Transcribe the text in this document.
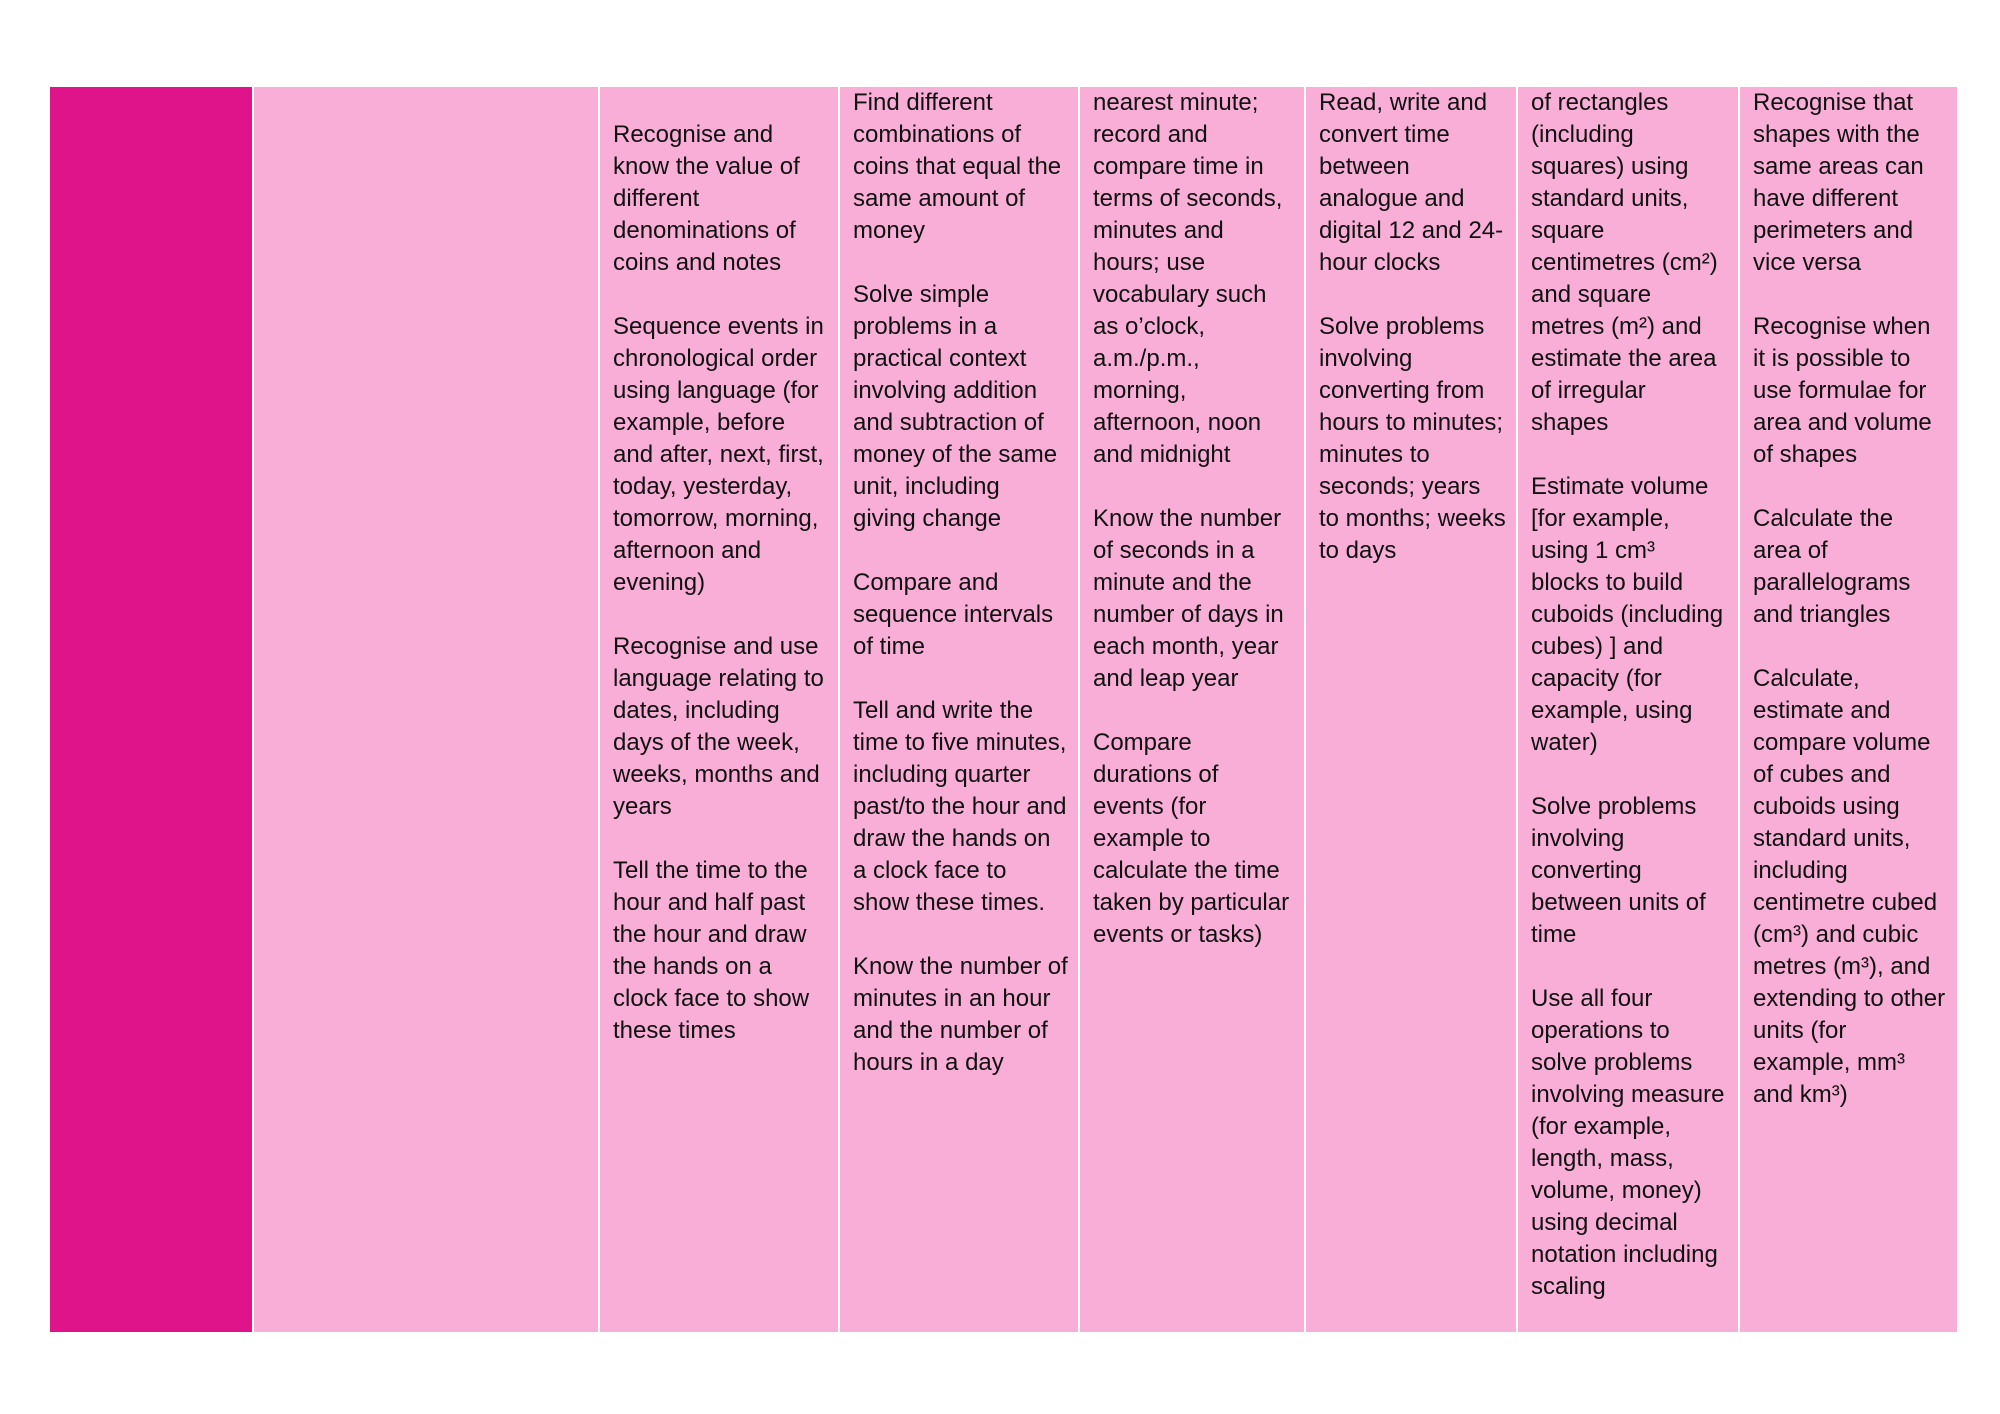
Recognise and know the value of different denominations of coins and notes

Sequence events in chronological order using language (for example, before and after, next, first, today, yesterday, tomorrow, morning, afternoon and evening)

Recognise and use language relating to dates, including days of the week, weeks, months and years

Tell the time to the hour and half past the hour and draw the hands on a clock face to show these times

Find different combinations of coins that equal the same amount of money

Solve simple problems in a practical context involving addition and subtraction of money of the same unit, including giving change

Compare and sequence intervals of time

Tell and write the time to five minutes, including quarter past/to the hour and draw the hands on a clock face to show these times.

Know the number of minutes in an hour and the number of hours in a day

nearest minute; record and compare time in terms of seconds, minutes and hours; use vocabulary such as o’clock, a.m./p.m., morning, afternoon, noon and midnight

Know the number of seconds in a minute and the number of days in each month, year and leap year

Compare durations of events (for example to calculate the time taken by particular events or tasks)

Read, write and convert time between analogue and digital 12 and 24-hour clocks

Solve problems involving converting from hours to minutes; minutes to seconds; years to months; weeks to days

of rectangles (including squares) using standard units, square centimetres (cm²) and square metres (m²) and estimate the area of irregular shapes

Estimate volume [for example, using 1 cm³ blocks to build cuboids (including cubes) ] and capacity (for example, using water)

Solve problems involving converting between units of time

Use all four operations to solve problems involving measure (for example, length, mass, volume, money) using decimal notation including scaling

Recognise that shapes with the same areas can have different perimeters and vice versa

Recognise when it is possible to use formulae for area and volume of shapes

Calculate the area of parallelograms and triangles

Calculate, estimate and compare volume of cubes and cuboids using standard units, including centimetre cubed (cm³) and cubic metres (m³), and extending to other units (for example, mm³ and km³)
